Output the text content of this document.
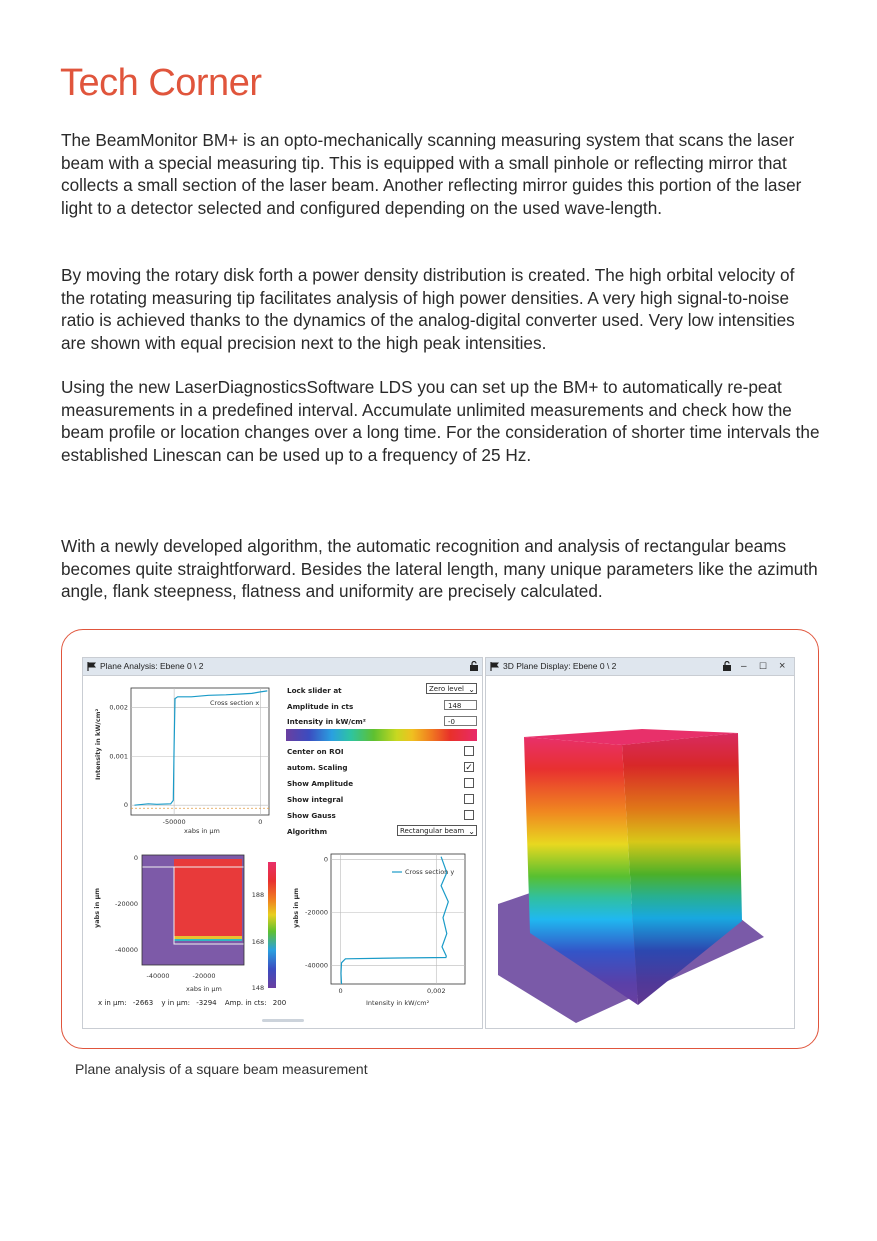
Tech Corner

The BeamMonitor BM+ is an opto-mechanically scanning measuring system that scans the laser beam with a special measuring tip. This is equipped with a small pinhole or reflecting mirror that collects a small section of the laser beam. Another reflecting mirror guides this portion of the laser light to a detector selected and configured depending on the used wave-length.

By moving the rotary disk forth a power density distribution is created. The high orbital velocity of the rotating measuring tip facilitates analysis of high power densities. A very high signal-to-noise ratio is achieved thanks to the dynamics of the analog-digital converter used. Very low intensities are shown with equal precision next to the high peak intensities.

Using the new LaserDiagnosticsSoftware LDS you can set up the BM+ to automatically re-peat measurements in a predefined interval. Accumulate unlimited measurements and check how the beam profile or location changes over a long time. For the consideration of shorter time intervals the established Linescan can be used up to a frequency of 25 Hz.

With a newly developed algorithm, the automatic recognition and analysis of rectangular beams becomes quite straightforward. Besides the lateral length, many unique parameters like the azimuth angle, flank steepness, flatness and uniformity are precisely calculated.

Plane Analysis: Ebene 0 \ 2	3D Plane Display: Ebene 0 \ 2	‒ ☐ ×
Lock slider at	Zero level ⌄
Amplitude in cts	148
Intensity in kW/cm²	-0
Center on ROI
autom. Scaling	✓
Show Amplitude
Show integral
Show Gauss
Algorithm	Rectangular beam ⌄
x in µm: -2663 y in µm: -3294 Amp. in cts: 200
-50000	0
0
0,001
0,002
Cross section x
xabs in µm
Intensity in kW/cm²
-40000	-20000
0
-20000
-40000
148
168
188
xabs in µm
yabs in µm
0	0,002
0
-20000
-40000
Cross section y
Intensity in kW/cm²
yabs in µm
Plane analysis of a square beam measurement
